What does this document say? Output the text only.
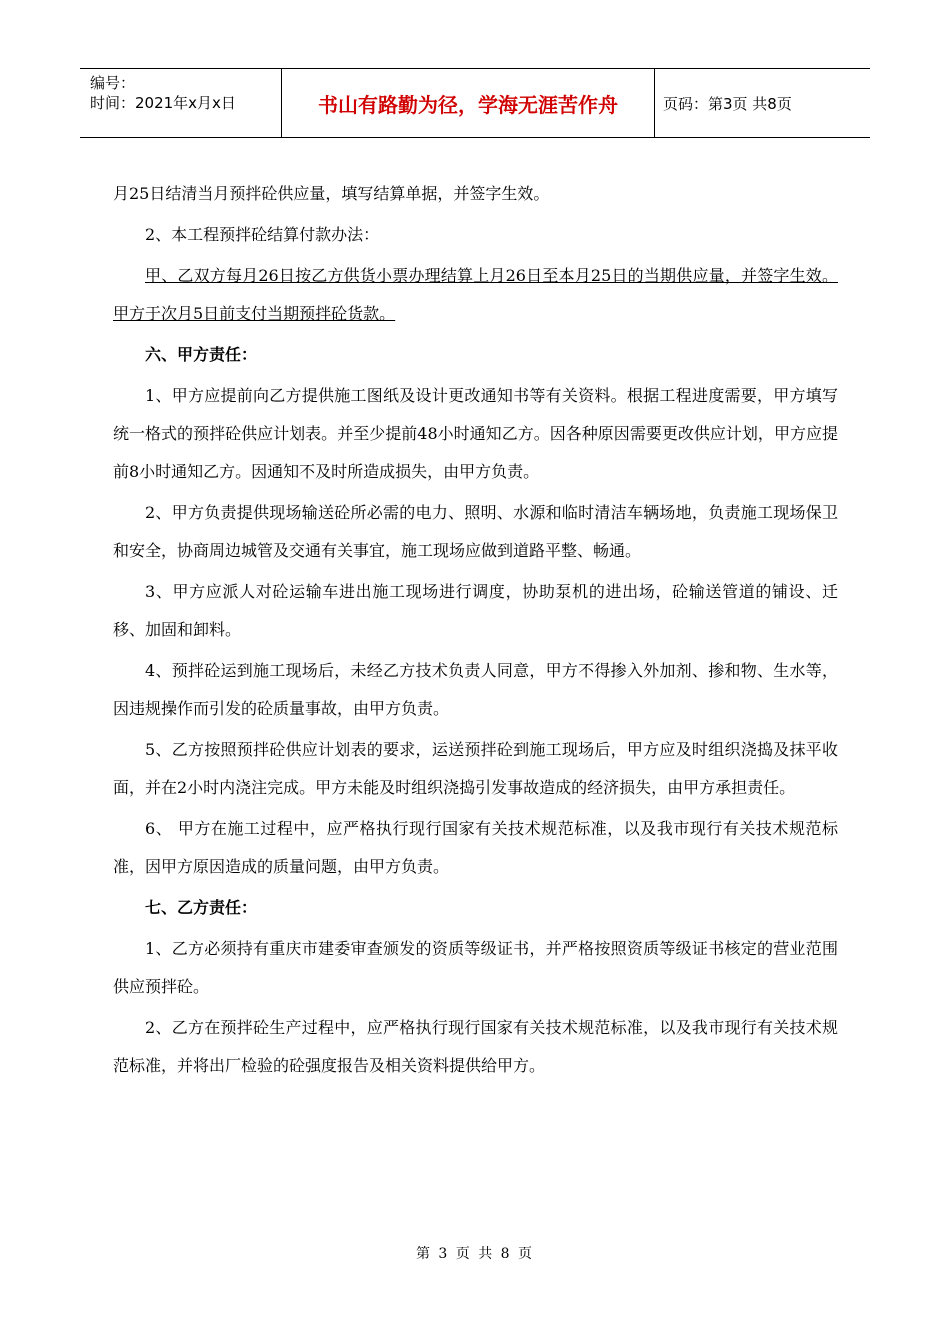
编号：
时间：2021年x月x日	书山有路勤为径，学海无涯苦作舟	页码：第3页 共8页

月25日结清当月预拌砼供应量，填写结算单据，并签字生效。

2、本工程预拌砼结算付款办法：

甲、乙双方每月26日按乙方供货小票办理结算上月26日至本月25日的当期供应量，并签字生效。甲方于次月5日前支付当期预拌砼货款。

六、甲方责任：

1、甲方应提前向乙方提供施工图纸及设计更改通知书等有关资料。根据工程进度需要，甲方填写统一格式的预拌砼供应计划表。并至少提前48小时通知乙方。因各种原因需要更改供应计划，甲方应提前8小时通知乙方。因通知不及时所造成损失，由甲方负责。

2、甲方负责提供现场输送砼所必需的电力、照明、水源和临时清洁车辆场地，负责施工现场保卫和安全，协商周边城管及交通有关事宜，施工现场应做到道路平整、畅通。

3、甲方应派人对砼运输车进出施工现场进行调度，协助泵机的进出场，砼输送管道的铺设、迁移、加固和卸料。

4、预拌砼运到施工现场后，未经乙方技术负责人同意，甲方不得掺入外加剂、掺和物、生水等，因违规操作而引发的砼质量事故，由甲方负责。

5、乙方按照预拌砼供应计划表的要求，运送预拌砼到施工现场后，甲方应及时组织浇捣及抹平收面，并在2小时内浇注完成。甲方未能及时组织浇捣引发事故造成的经济损失，由甲方承担责任。

6、 甲方在施工过程中，应严格执行现行国家有关技术规范标准，以及我市现行有关技术规范标准，因甲方原因造成的质量问题，由甲方负责。

七、乙方责任：

1、乙方必须持有重庆市建委审查颁发的资质等级证书，并严格按照资质等级证书核定的营业范围供应预拌砼。

2、乙方在预拌砼生产过程中，应严格执行现行国家有关技术规范标准，以及我市现行有关技术规范标准，并将出厂检验的砼强度报告及相关资料提供给甲方。

第 3 页 共 8 页
